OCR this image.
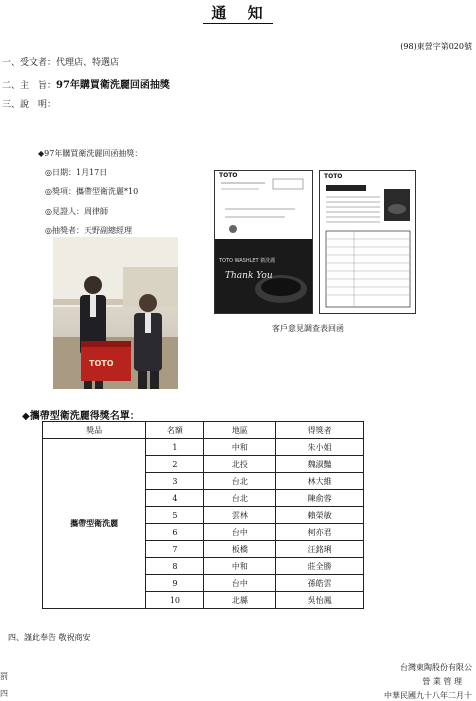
通 知
(98)東營字第020號
一、受文者：代理店、特選店
二、主　旨：97年購買衛洗麗回函抽獎
三、說　明：
◆97年購買衛洗麗回函抽獎：
◎日期：1月17日
◎獎項：攜帶型衛洗麗*10
◎見證人：周律師
◎抽獎者：天野副總經理
TOTO
TOTO
TOTO WASHLET 衛洗麗
Thank You
TOTO
客戶意見調查表回函
◆攜帶型衛洗麗得獎名單：
獎品	名額	地區	得獎者
攜帶型衛洗麗	1	中和	朱小姐
	2	北投	魏淑豔
	3	台北	林大維
	4	台北	陳俞蓉
	5	雲林	賴榮敏
	6	台中	柯亦君
	7	板橋	汪銘琍
	8	中和	莊全勝
	9	台中	孫皓雲
	10	北縣	吳怡鳳
四、謹此奉告 敬祝商安
台灣東陶股份有限公
營 業 管 理
中華民國九十八年二月十
罰
四
